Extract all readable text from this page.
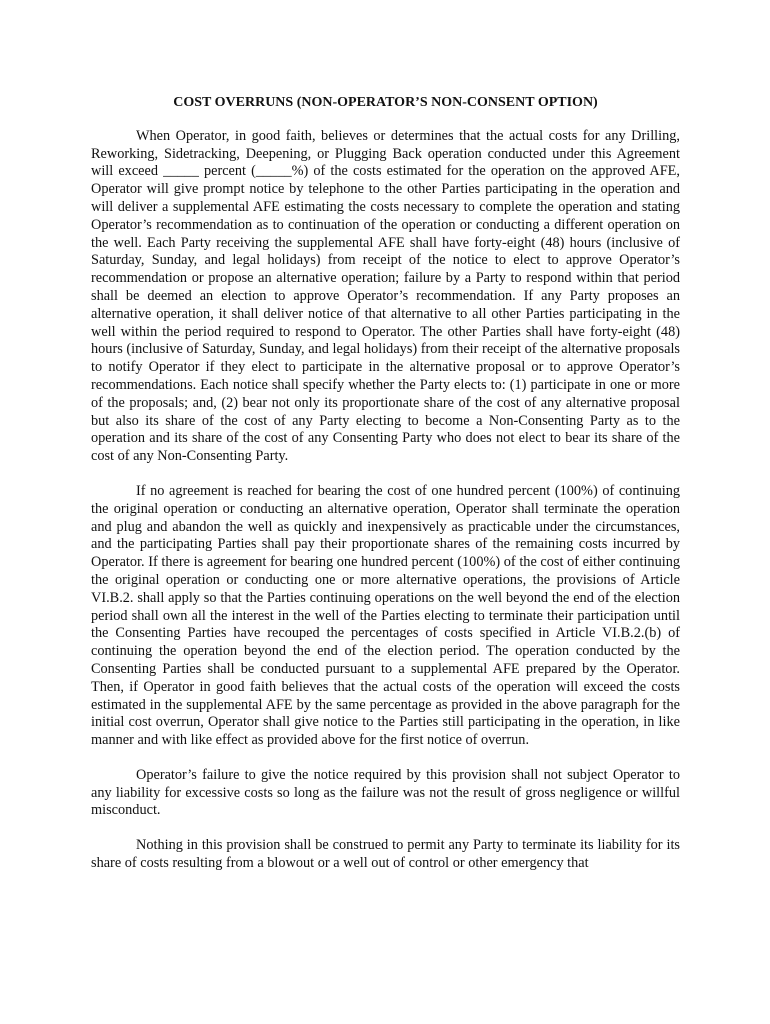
COST OVERRUNS (NON-OPERATOR’S NON-CONSENT OPTION)

When Operator, in good faith, believes or determines that the actual costs for any Drilling, Reworking, Sidetracking, Deepening, or Plugging Back operation conducted under this Agreement will exceed _____ percent (_____%) of the costs estimated for the operation on the approved AFE, Operator will give prompt notice by telephone to the other Parties participating in the operation and will deliver a supplemental AFE estimating the costs necessary to complete the operation and stating Operator’s recommendation as to continuation of the operation or conducting a different operation on the well. Each Party receiving the supplemental AFE shall have forty-eight (48) hours (inclusive of Saturday, Sunday, and legal holidays) from receipt of the notice to elect to approve Operator’s recommendation or propose an alternative operation; failure by a Party to respond within that period shall be deemed an election to approve Operator’s recommendation. If any Party proposes an alternative operation, it shall deliver notice of that alternative to all other Parties participating in the well within the period required to respond to Operator. The other Parties shall have forty-eight (48) hours (inclusive of Saturday, Sunday, and legal holidays) from their receipt of the alternative proposals to notify Operator if they elect to participate in the alternative proposal or to approve Operator’s recommendations. Each notice shall specify whether the Party elects to: (1) participate in one or more of the proposals; and, (2) bear not only its proportionate share of the cost of any alternative proposal but also its share of the cost of any Party electing to become a Non-Consenting Party as to the operation and its share of the cost of any Consenting Party who does not elect to bear its share of the cost of any Non-Consenting Party.

If no agreement is reached for bearing the cost of one hundred percent (100%) of continuing the original operation or conducting an alternative operation, Operator shall terminate the operation and plug and abandon the well as quickly and inexpensively as practicable under the circumstances, and the participating Parties shall pay their proportionate shares of the remaining costs incurred by Operator. If there is agreement for bearing one hundred percent (100%) of the cost of either continuing the original operation or conducting one or more alternative operations, the provisions of Article VI.B.2. shall apply so that the Parties continuing operations on the well beyond the end of the election period shall own all the interest in the well of the Parties electing to terminate their participation until the Consenting Parties have recouped the percentages of costs specified in Article VI.B.2.(b) of continuing the operation beyond the end of the election period. The operation conducted by the Consenting Parties shall be conducted pursuant to a supplemental AFE prepared by the Operator. Then, if Operator in good faith believes that the actual costs of the operation will exceed the costs estimated in the supplemental AFE by the same percentage as provided in the above paragraph for the initial cost overrun, Operator shall give notice to the Parties still participating in the operation, in like manner and with like effect as provided above for the first notice of overrun.

Operator’s failure to give the notice required by this provision shall not subject Operator to any liability for excessive costs so long as the failure was not the result of gross negligence or willful misconduct.

Nothing in this provision shall be construed to permit any Party to terminate its liability for its share of costs resulting from a blowout or a well out of control or other emergency that
